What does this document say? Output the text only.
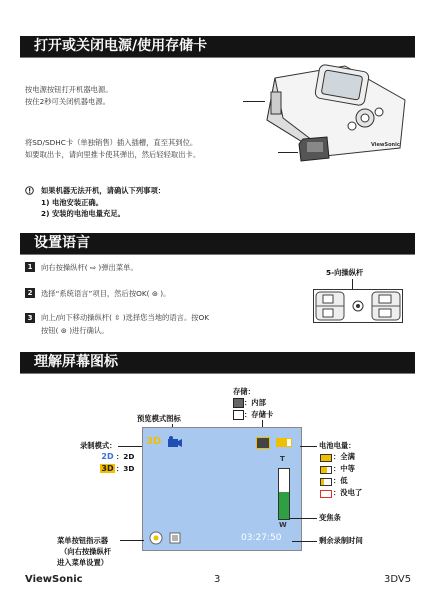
打开或关闭电源/使用存储卡
按电源按钮打开机器电源。
按住2秒可关闭机器电源。
将SD/SDHC卡（单独销售）插入插槽，直至其到位。
如要取出卡，请向里推卡使其弹出，然后轻轻取出卡。
ViewSonic
如果机器无法开机，请确认下列事项：
1) 电池安装正确。
2) 安装的电池电量充足。
设置语言
1	向右按操纵杆( ⇨ )弹出菜单。
2	选择“系统语言”项目，然后按OK( ⊛ )。
3	向上/向下移动操纵杆( ⇳ )选择您当地的语言。按OK
按钮( ⊛ )进行确认。
5-向操纵杆
理解屏幕图标
存储：
：内部
：存储卡
预览模式图标
录制模式：
2D ：2D
3D ：3D
3D
T
W
03:27:50
电池电量：
：全满
：中等
：低
：没电了
变焦条
菜单按钮指示器
（向右按操纵杆
进入菜单设置）
剩余录制时间
ViewSonic	3	3DV5
